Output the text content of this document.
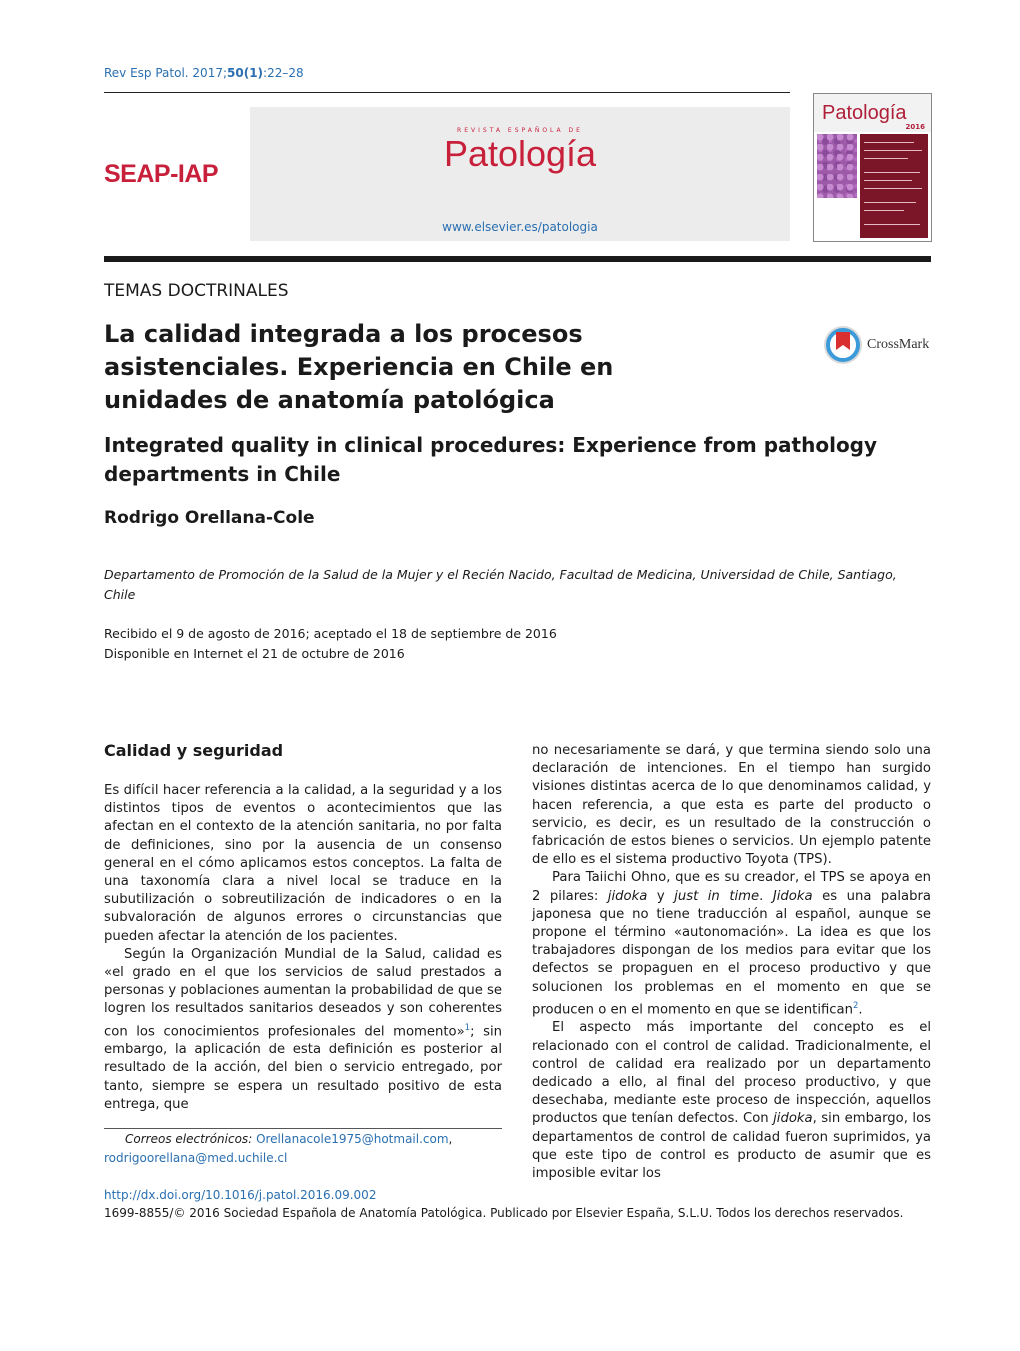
Rev Esp Patol. 2017;50(1):22–28
SEAP-IAP
REVISTA ESPAÑOLA DE
Patología
www.elsevier.es/patologia
Patología
2016
TEMAS DOCTRINALES
La calidad integrada a los procesos asistenciales. Experiencia en Chile en unidades de anatomía patológica
CrossMark
Integrated quality in clinical procedures: Experience from pathology departments in Chile
Rodrigo Orellana-Cole
Departamento de Promoción de la Salud de la Mujer y el Recién Nacido, Facultad de Medicina, Universidad de Chile, Santiago, Chile
Recibido el 9 de agosto de 2016; aceptado el 18 de septiembre de 2016
Disponible en Internet el 21 de octubre de 2016
Calidad y seguridad

Es difícil hacer referencia a la calidad, a la seguridad y a los distintos tipos de eventos o acontecimientos que las afectan en el contexto de la atención sanitaria, no por falta de definiciones, sino por la ausencia de un consenso general en el cómo aplicamos estos conceptos. La falta de una taxonomía clara a nivel local se traduce en la subutilización o sobreutilización de indicadores o en la subvaloración de algunos errores o circunstancias que pueden afectar la atención de los pacientes.

Según la Organización Mundial de la Salud, calidad es «el grado en el que los servicios de salud prestados a personas y poblaciones aumentan la probabilidad de que se logren los resultados sanitarios deseados y son coherentes con los conocimientos profesionales del momento»$^1$; sin embargo, la aplicación de esta definición es posterior al resultado de la acción, del bien o servicio entregado, por tanto, siempre se espera un resultado positivo de esta entrega, que

no necesariamente se dará, y que termina siendo solo una declaración de intenciones. En el tiempo han surgido visiones distintas acerca de lo que denominamos calidad, y hacen referencia, a que esta es parte del producto o servicio, es decir, es un resultado de la construcción o fabricación de estos bienes o servicios. Un ejemplo patente de ello es el sistema productivo Toyota (TPS).

Para Taiichi Ohno, que es su creador, el TPS se apoya en 2 pilares: jidoka y just in time. Jidoka es una palabra japonesa que no tiene traducción al español, aunque se propone el término «autonomación». La idea es que los trabajadores dispongan de los medios para evitar que los defectos se propaguen en el proceso productivo y que solucionen los problemas en el momento en que se producen o en el momento en que se identifican$^2$.

El aspecto más importante del concepto es el relacionado con el control de calidad. Tradicionalmente, el control de calidad era realizado por un departamento dedicado a ello, al final del proceso productivo, y que desechaba, mediante este proceso de inspección, aquellos productos que tenían defectos. Con jidoka, sin embargo, los departamentos de control de calidad fueron suprimidos, ya que este tipo de control es producto de asumir que es imposible evitar los

Correos electrónicos: Orellanacole1975@hotmail.com,
rodrigoorellana@med.uchile.cl
http://dx.doi.org/10.1016/j.patol.2016.09.002
1699-8855/© 2016 Sociedad Española de Anatomía Patológica. Publicado por Elsevier España, S.L.U. Todos los derechos reservados.
